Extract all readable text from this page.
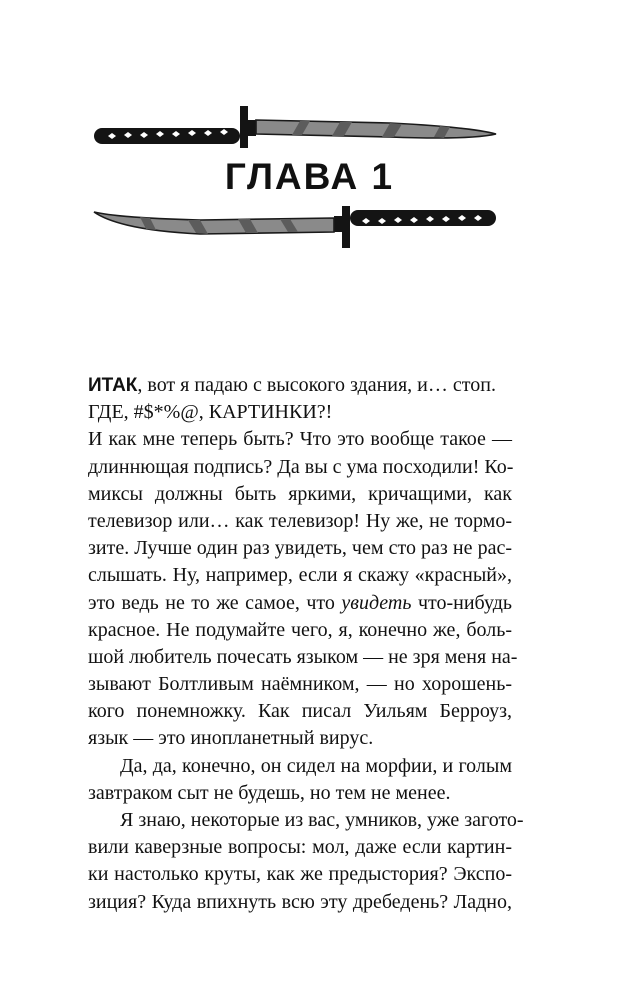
ГЛАВА 1
ИТАК, вот я падаю с высокого здания, и… стоп.
ГДЕ, #$*%@, КАРТИНКИ?!
И как мне теперь быть? Что это вообще такое —
длиннющая подпись? Да вы с ума посходили! Ко-
миксы должны быть яркими, кричащими, как
телевизор или… как телевизор! Ну же, не тормо-
зите. Лучше один раз увидеть, чем сто раз не рас-
слышать. Ну, например, если я скажу «красный»,
это ведь не то же самое, что увидеть что-нибудь
красное. Не подумайте чего, я, конечно же, боль-
шой любитель почесать языком — не зря меня на-
зывают Болтливым наёмником, — но хорошень-
кого понемножку. Как писал Уильям Берроуз,
язык — это инопланетный вирус.
Да, да, конечно, он сидел на морфии, и голым
завтраком сыт не будешь, но тем не менее.
Я знаю, некоторые из вас, умников, уже загото-
вили каверзные вопросы: мол, даже если картин-
ки настолько круты, как же предыстория? Экспо-
зиция? Куда впихнуть всю эту дребедень? Ладно,
